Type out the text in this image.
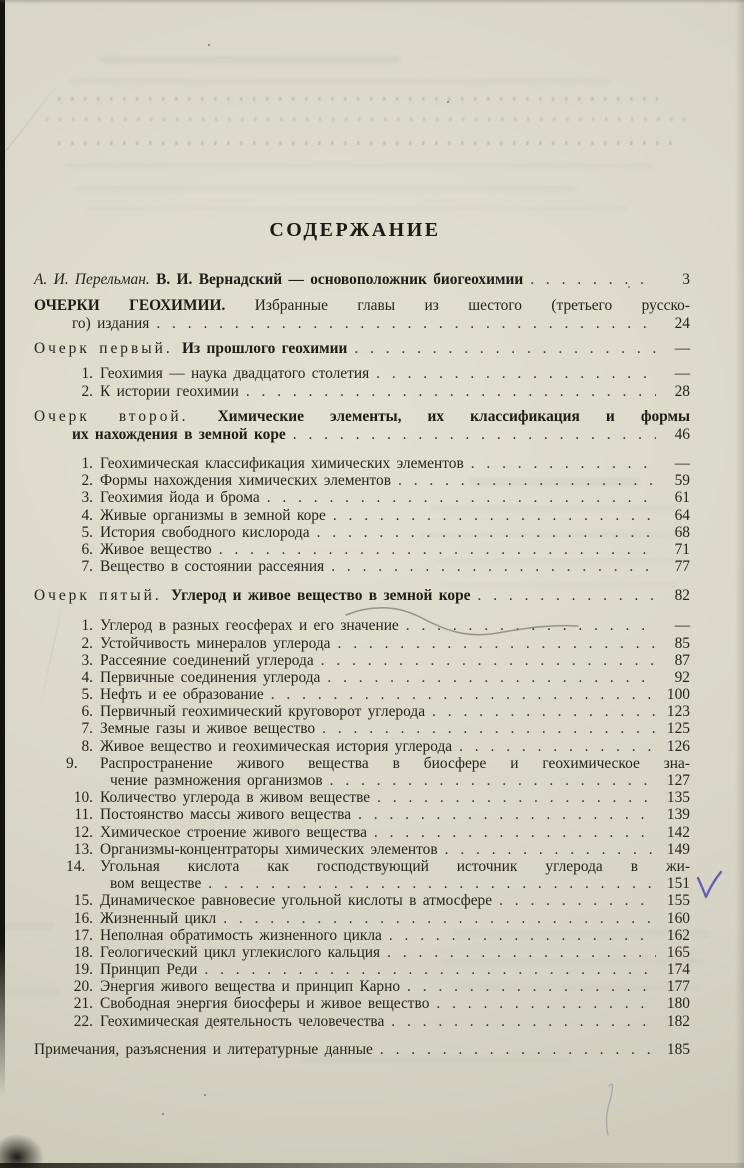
СОДЕРЖАНИЕ
А. И. Перельман. В. И. Вернадский — основоположник биогеохимии . . .	3
ОЧЕРКИ ГЕОХИМИИ. Избранные главы из шестого (третьего русско-
го) издания . . .	24
Очерк первый. Из прошлого геохимии . . .	—
1. Геохимия — наука двадцатого столетия . . .	—
2. К истории геохимии . . .	28
Очерк второй. Химические элементы, их классификация и формы
их нахождения в земной коре . . .	46
1. Геохимическая классификация химических элементов . . .	—
2. Формы нахождения химических элементов . . .	59
3. Геохимия йода и брома . . .	61
4. Живые организмы в земной коре . . .	64
5. История свободного кислорода . . .	68
6. Живое вещество . . .	71
7. Вещество в состоянии рассеяния . . .	77
Очерк пятый. Углерод и живое вещество в земной коре . . .	82
1. Углерод в разных геосферах и его значение . . .	—
2. Устойчивость минералов углерода . . .	85
3. Рассеяние соединений углерода . . .	87
4. Первичные соединения углерода . . .	92
5. Нефть и ее образование . . .	100
6. Первичный геохимический круговорот углерода . . .	123
7. Земные газы и живое вещество . . .	125
8. Живое вещество и геохимическая история углерода . . .	126
9. Распространение живого вещества в биосфере и геохимическое зна-
чение размножения организмов . . .	127
10. Количество углерода в живом веществе . . .	135
11. Постоянство массы живого вещества . . .	139
12. Химическое строение живого вещества . . .	142
13. Организмы-концентраторы химических элементов . . .	149
14. Угольная кислота как господствующий источник углерода в жи-
вом веществе . . .	151
15. Динамическое равновесие угольной кислоты в атмосфере . . .	155
16. Жизненный цикл . . .	160
17. Неполная обратимость жизненного цикла . . .	162
18. Геологический цикл углекислого кальция . . .	165
19. Принцип Реди . . .	174
20. Энергия живого вещества и принцип Карно . . .	177
21. Свободная энергия биосферы и живое вещество . . .	180
22. Геохимическая деятельность человечества . . .	182
Примечания, разъяснения и литературные данные . . .	185
